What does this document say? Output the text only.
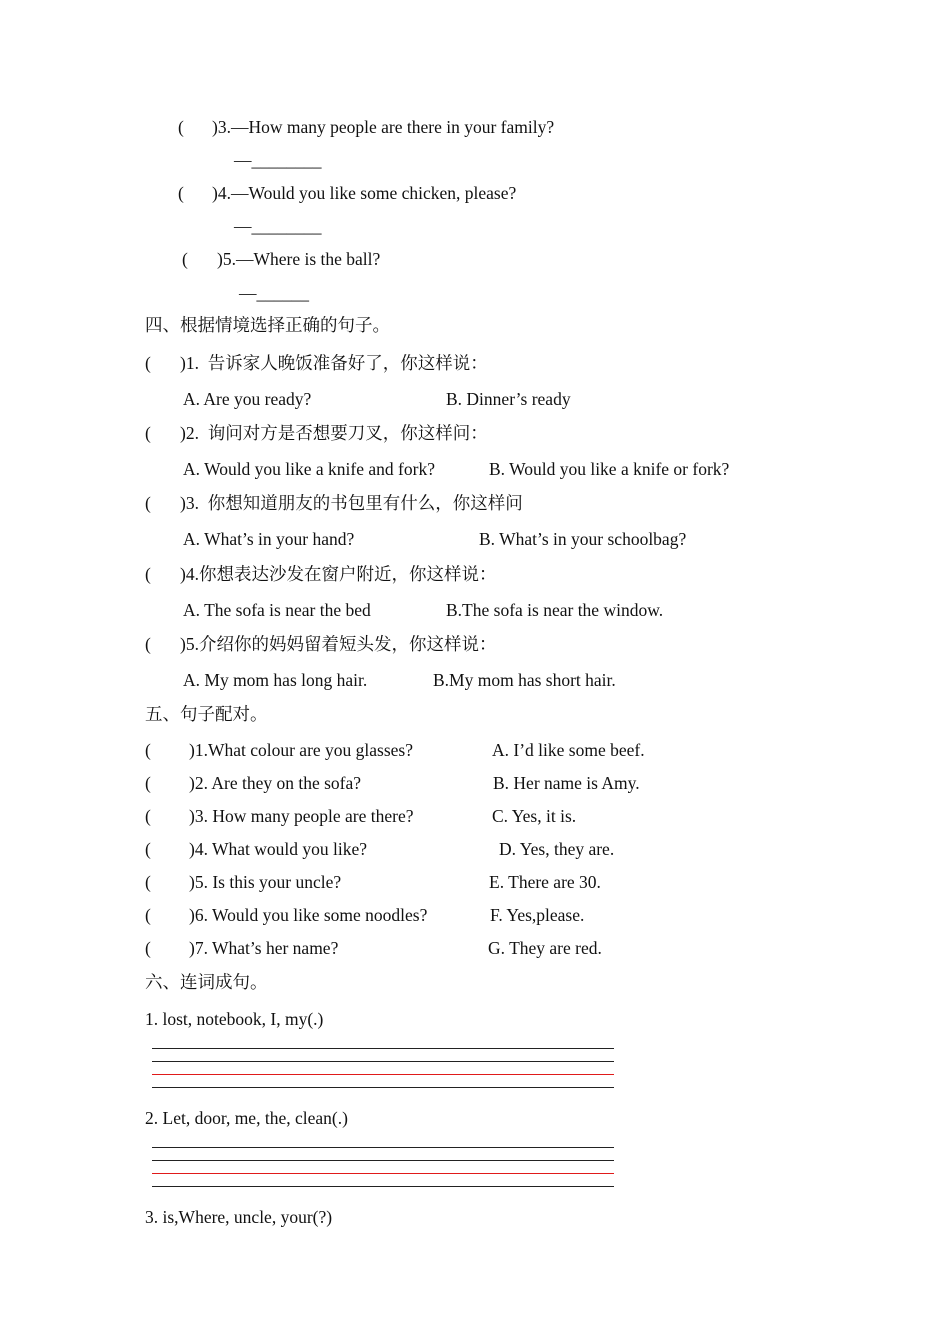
( )3.—How many people are there in your family?
—________
( )4.—Would you like some chicken, please?
—________
( )5.—Where is the ball?
—______
四、根据情境选择正确的句子。
( )1.  告诉家人晚饭准备好了，你这样说：
A. Are you ready?	B. Dinner’s ready
( )2.  询问对方是否想要刀叉，你这样问：
A. Would you like a knife and fork?	B. Would you like a knife or fork?
( )3.  你想知道朋友的书包里有什么，你这样问
A. What’s in your hand?	B. What’s in your schoolbag?
( )4.你想表达沙发在窗户附近，你这样说：
A. The sofa is near the bed	B.The sofa is near the window.
( )5.介绍你的妈妈留着短头发，你这样说：
A. My mom has long hair.	B.My mom has short hair.
五、句子配对。
( )1.What colour are you glasses?	A. I’d like some beef.
( )2. Are they on the sofa?	B. Her name is Amy.
( )3. How many people are there?	C. Yes, it is.
( )4. What would you like?	D. Yes, they are.
( )5. Is this your uncle?	E. There are 30.
( )6. Would you like some noodles?	F. Yes,please.
( )7. What’s her name?	G. They are red.
六、连词成句。
1. lost, notebook, I, my(.)
2. Let, door, me, the, clean(.)
3. is,Where, uncle, your(?)
